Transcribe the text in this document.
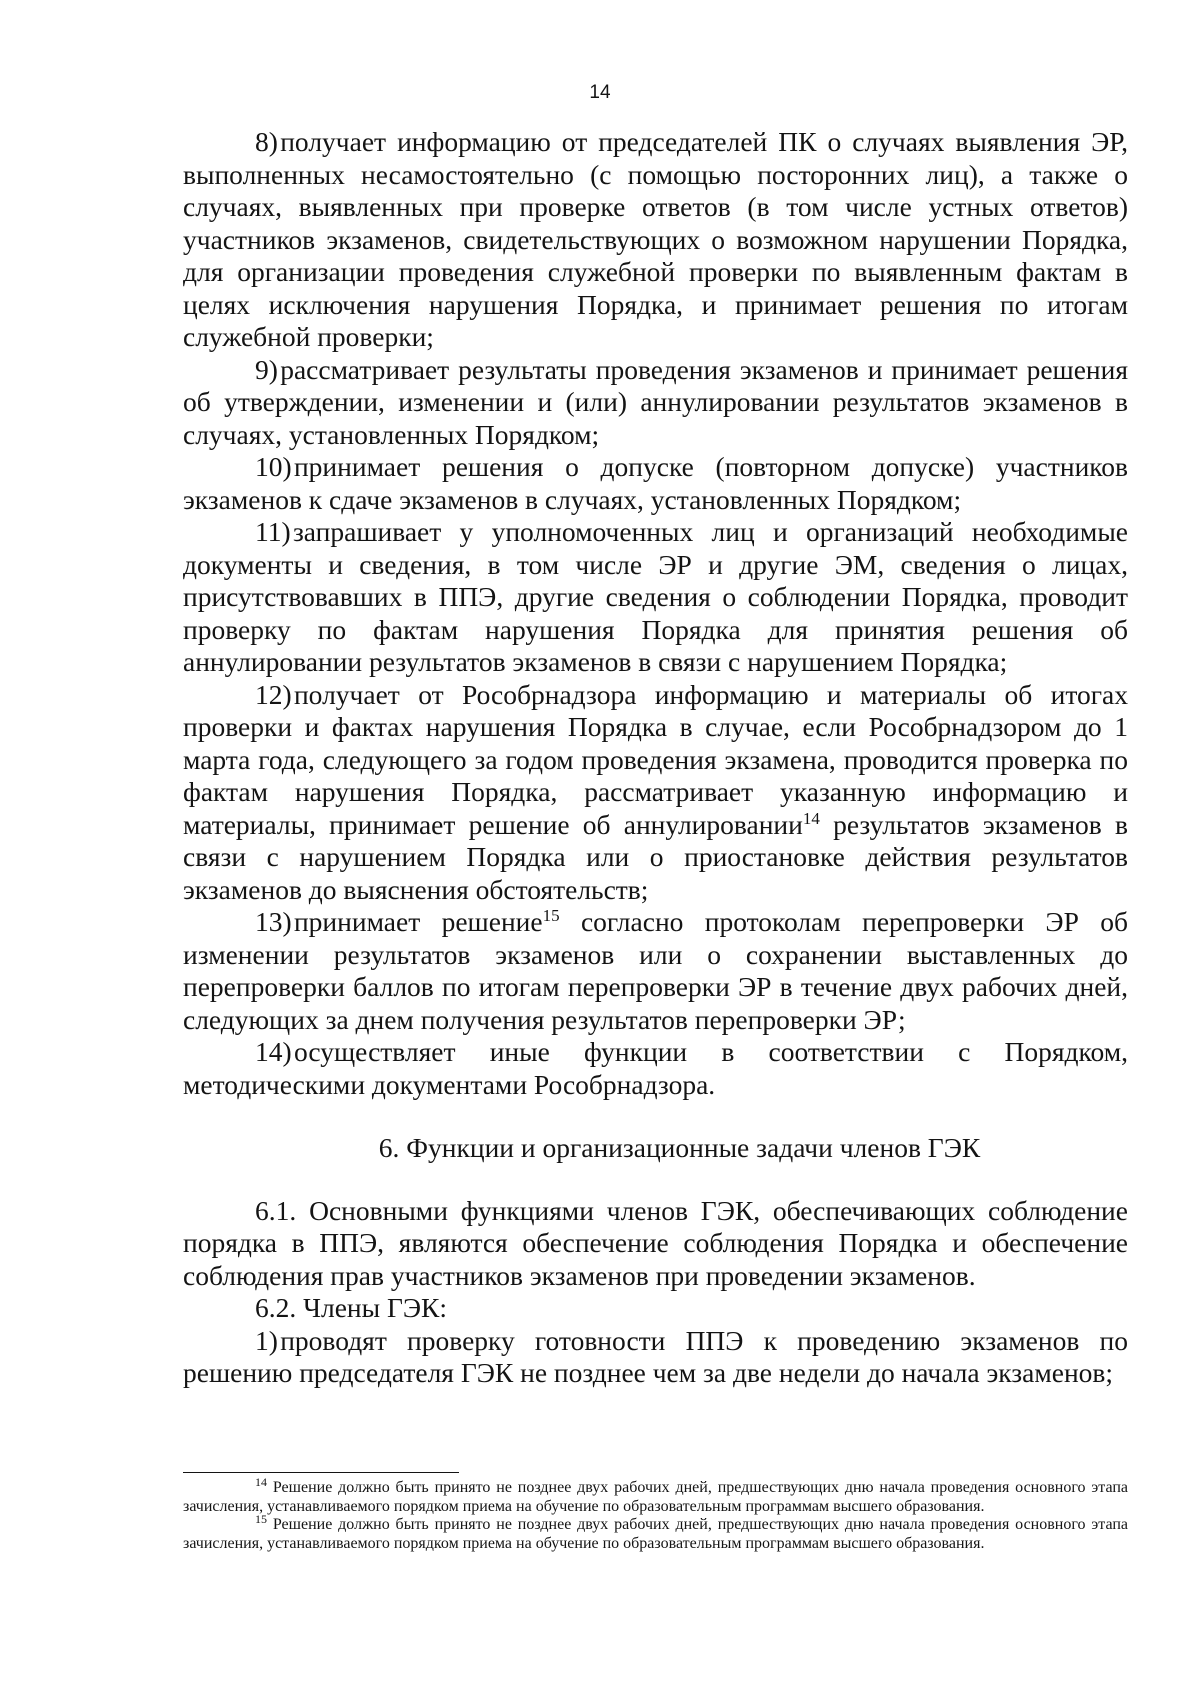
14

8) получает информацию от председателей ПК о случаях выявления ЭР, выполненных несамостоятельно (с помощью посторонних лиц), а также о случаях, выявленных при проверке ответов (в том числе устных ответов) участников экзаменов, свидетельствующих о возможном нарушении Порядка, для организации проведения служебной проверки по выявленным фактам в целях исключения нарушения Порядка, и принимает решения по итогам служебной проверки;

9) рассматривает результаты проведения экзаменов и принимает решения об утверждении, изменении и (или) аннулировании результатов экзаменов в случаях, установленных Порядком;

10) принимает решения о допуске (повторном допуске) участников экзаменов к сдаче экзаменов в случаях, установленных Порядком;

11) запрашивает у уполномоченных лиц и организаций необходимые документы и сведения, в том числе ЭР и другие ЭМ, сведения о лицах, присутствовавших в ППЭ, другие сведения о соблюдении Порядка, проводит проверку по фактам нарушения Порядка для принятия решения об аннулировании результатов экзаменов в связи с нарушением Порядка;

12) получает от Рособрнадзора информацию и материалы об итогах проверки и фактах нарушения Порядка в случае, если Рособрнадзором до 1 марта года, следующего за годом проведения экзамена, проводится проверка по фактам нарушения Порядка, рассматривает указанную информацию и материалы, принимает решение об аннулировании$^{14}$ результатов экзаменов в связи с нарушением Порядка или о приостановке действия результатов экзаменов до выяснения обстоятельств;

13) принимает решение$^{15}$ согласно протоколам перепроверки ЭР об изменении результатов экзаменов или о сохранении выставленных до перепроверки баллов по итогам перепроверки ЭР в течение двух рабочих дней, следующих за днем получения результатов перепроверки ЭР;

14) осуществляет иные функции в соответствии с Порядком, методическими документами Рособрнадзора.

6. Функции и организационные задачи членов ГЭК

6.1. Основными функциями членов ГЭК, обеспечивающих соблюдение порядка в ППЭ, являются обеспечение соблюдения Порядка и обеспечение соблюдения прав участников экзаменов при проведении экзаменов.

6.2. Члены ГЭК:

1) проводят проверку готовности ППЭ к проведению экзаменов по решению председателя ГЭК не позднее чем за две недели до начала экзаменов;

$^{14}$ Решение должно быть принято не позднее двух рабочих дней, предшествующих дню начала проведения основного этапа зачисления, устанавливаемого порядком приема на обучение по образовательным программам высшего образования.

$^{15}$ Решение должно быть принято не позднее двух рабочих дней, предшествующих дню начала проведения основного этапа зачисления, устанавливаемого порядком приема на обучение по образовательным программам высшего образования.
